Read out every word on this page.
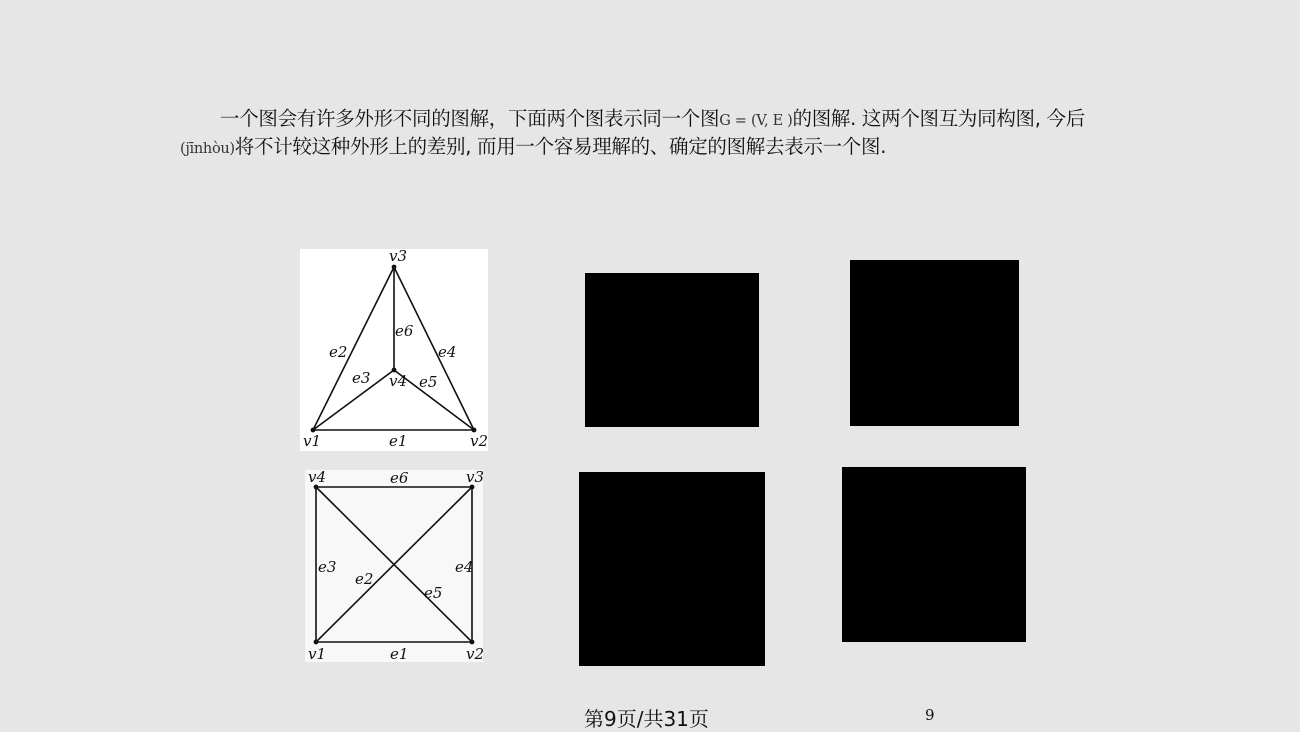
一个图会有许多外形不同的图解，下面两个图表示同一个图G = (V, E )的图解. 这两个图互为同构图, 今后(jīnhòu)将不计较这种外形上的差别, 而用一个容易理解的、确定的图解去表示一个图.
v3
v4
v1	v2
e1
e2
e3
e4
e5
e6
v4	v3
v1	v2
e1
e2
e3	e4
e5
e6
第9页/共31页	9
